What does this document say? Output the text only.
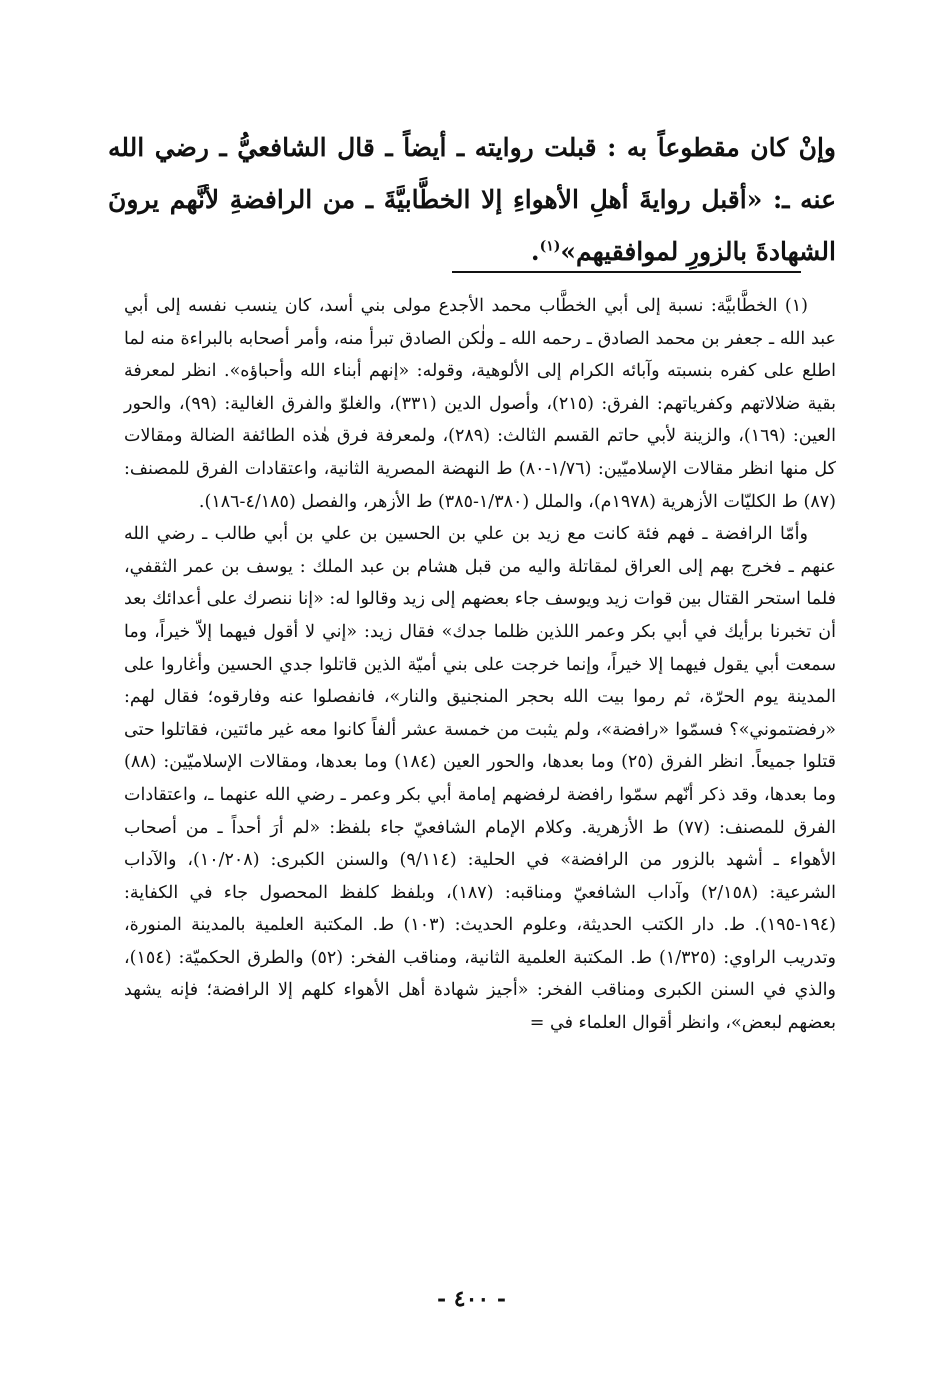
وإنْ كان مقطوعاً به : قبلت روايته ـ أيضاً ـ قال الشافعيُّ ـ رضي الله عنه ـ: «أقبل روايةَ أهلِ الأهواءِ إلا الخطَّابيَّةَ ـ من الرافضةِ لأنَّهم يرونَ الشهادةَ بالزورِ لموافقيهم»$^{(١)}$.

(١) الخطَّابيَّة: نسبة إلى أبي الخطَّاب محمد الأجدع مولى بني أسد، كان ينسب نفسه إلى أبي عبد الله ـ جعفر بن محمد الصادق ـ رحمه الله ـ ولٰكن الصادق تبرأ منه، وأمر أصحابه بالبراءة منه لما اطلع على كفره بنسبته وآبائه الكرام إلى الألوهية، وقوله: «إنهم أبناء الله وأحباؤه». انظر لمعرفة بقية ضلالاتهم وكفرياتهم: الفرق: (٢١٥)، وأصول الدين (٣٣١)، والغلوّ والفرق الغالية: (٩٩)، والحور العين: (١٦٩)، والزينة لأبي حاتم القسم الثالث: (٢٨٩)، ولمعرفة فرق هٰذه الطائفة الضالة ومقالات كل منها انظر مقالات الإسلاميّين: (١/٧٦-٨٠) ط النهضة المصرية الثانية، واعتقادات الفرق للمصنف: (٨٧) ط الكليّات الأزهرية (١٩٧٨م)، والملل (١/٣٨٠-٣٨٥) ط الأزهر، والفصل (٤/١٨٥-١٨٦).

وأمّا الرافضة ـ فهم فئة كانت مع زيد بن علي بن الحسين بن علي بن أبي طالب ـ رضي الله عنهم ـ فخرج بهم إلى العراق لمقاتلة واليه من قبل هشام بن عبد الملك : يوسف بن عمر الثقفي، فلما استحر القتال بين قوات زيد ويوسف جاء بعضهم إلى زيد وقالوا له: «إنا ننصرك على أعدائك بعد أن تخبرنا برأيك في أبي بكر وعمر اللذين ظلما جدك» فقال زيد: «إني لا أقول فيهما إلاّ خيراً، وما سمعت أبي يقول فيهما إلا خيراً، وإنما خرجت على بني أميّة الذين قاتلوا جدي الحسين وأغاروا على المدينة يوم الحرّة، ثم رموا بيت الله بحجر المنجنيق والنار»، فانفصلوا عنه وفارقوه؛ فقال لهم: «رفضتموني»؟ فسمّوا «رافضة»، ولم يثبت من خمسة عشر ألفاً كانوا معه غير مائتين، فقاتلوا حتى قتلوا جميعاً. انظر الفرق (٢٥) وما بعدها، والحور العين (١٨٤) وما بعدها، ومقالات الإسلاميّين: (٨٨) وما بعدها، وقد ذكر أنّهم سمّوا رافضة لرفضهم إمامة أبي بكر وعمر ـ رضي الله عنهما ـ، واعتقادات الفرق للمصنف: (٧٧) ط الأزهرية. وكلام الإمام الشافعيّ جاء بلفظ: «لم أرَ أحداً ـ من أصحاب الأهواء ـ أشهد بالزور من الرافضة» في الحلية: (٩/١١٤) والسنن الكبرى: (١٠/٢٠٨)، والآداب الشرعية: (٢/١٥٨) وآداب الشافعيّ ومناقبه: (١٨٧)، وبلفظ كلفظ المحصول جاء في الكفاية: (١٩٤-١٩٥). ط. دار الكتب الحديثة، وعلوم الحديث: (١٠٣) ط. المكتبة العلمية بالمدينة المنورة، وتدريب الراوي: (١/٣٢٥) ط. المكتبة العلمية الثانية، ومناقب الفخر: (٥٢) والطرق الحكميّة: (١٥٤)، والذي في السنن الكبرى ومناقب الفخر: «أجيز شهادة أهل الأهواء كلهم إلا الرافضة؛ فإنه يشهد بعضهم لبعض»، وانظر أقوال العلماء في =

- ٤٠٠ -
